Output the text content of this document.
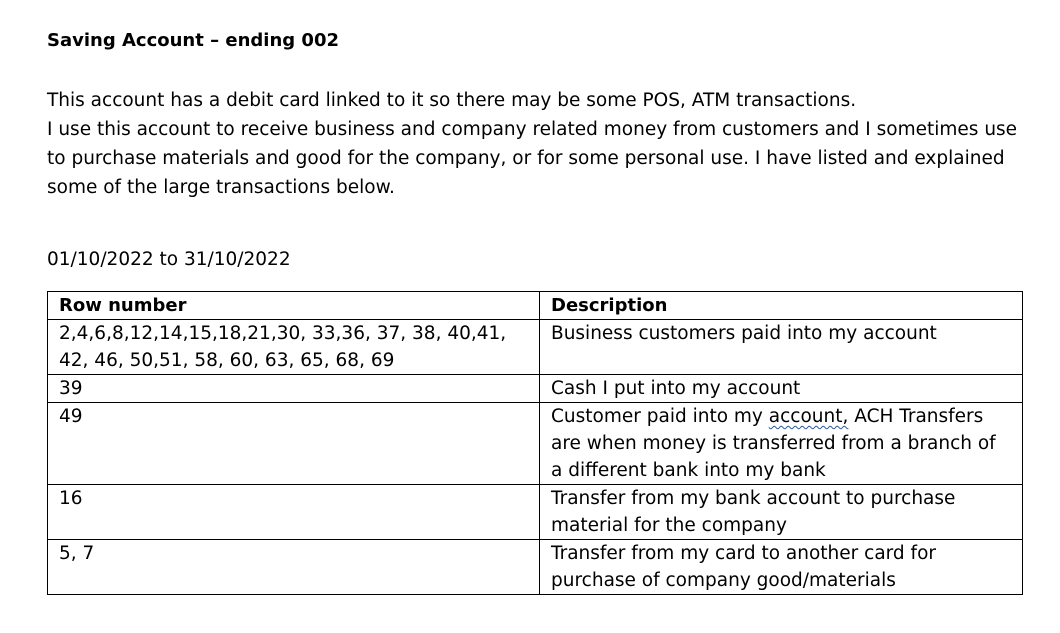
Saving Account – ending 002

This account has a debit card linked to it so there may be some POS, ATM transactions.

I use this account to receive business and company related money from customers and I sometimes use to purchase materials and good for the company, or for some personal use. I have listed and explained some of the large transactions below.

01/10/2022 to 31/10/2022
Row number	Description
2,4,6,8,12,14,15,18,21,30, 33,36, 37, 38, 40,41, 42, 46, 50,51, 58, 60, 63, 65, 68, 69	Business customers paid into my account
39	Cash I put into my account
49	Customer paid into my account, ACH Transfers are when money is transferred from a branch of a different bank into my bank
16	Transfer from my bank account to purchase material for the company
5, 7	Transfer from my card to another card for purchase of company good/materials
